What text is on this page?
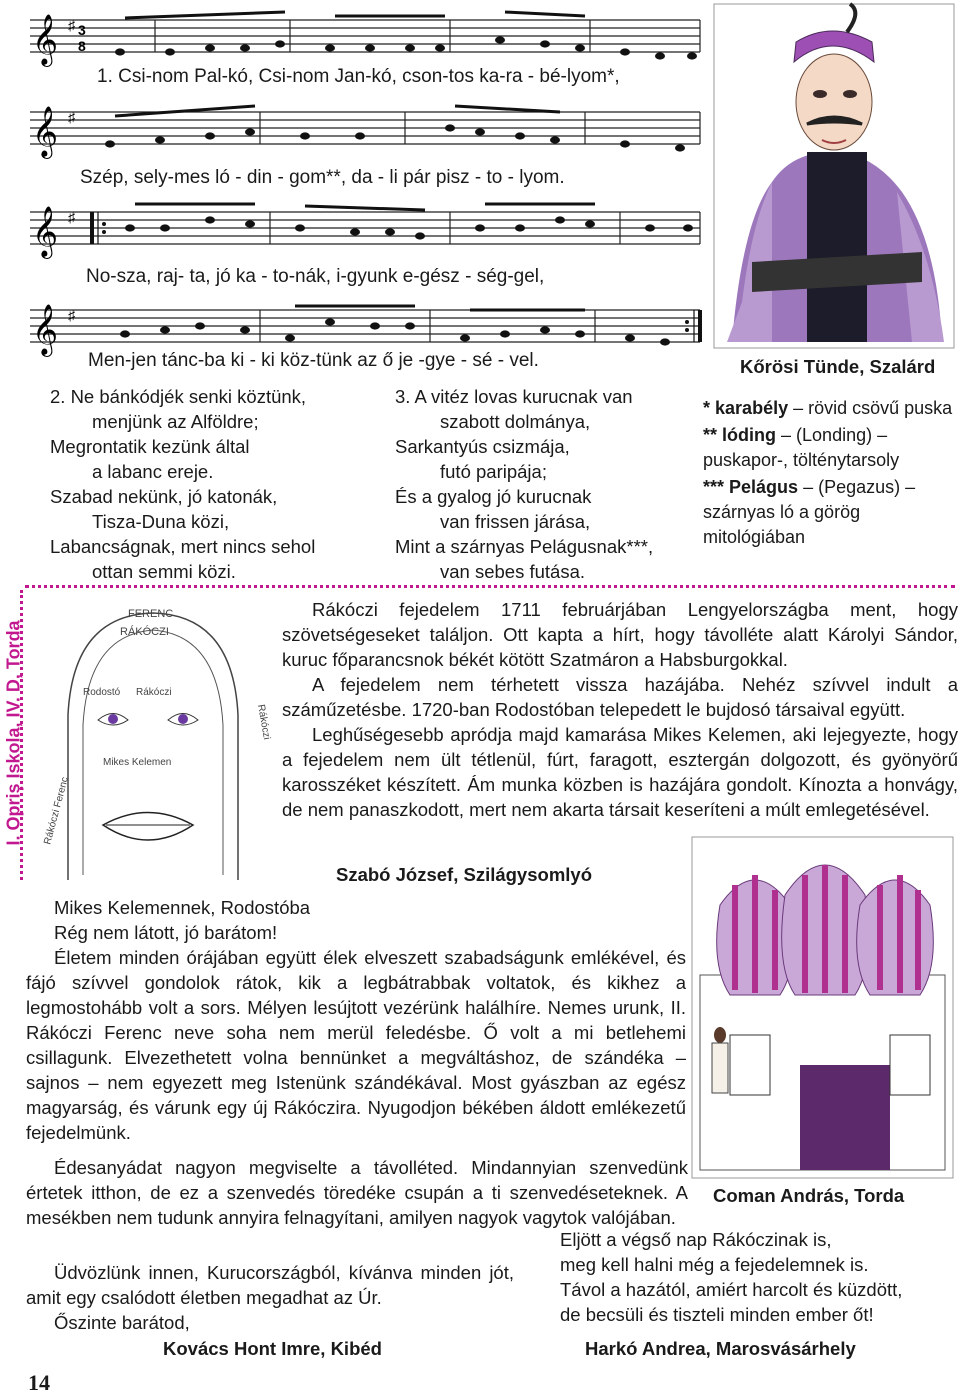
𝄞 ♯ 3
8
1. Csi-nom Pal-kó, Csi-nom Jan-kó, cson-tos ka-ra - bé-lyom*,
𝄞 ♯
Szép, sely-mes ló - din - gom**, da - li pár pisz - to - lyom.
𝄞 ♯
No-sza, raj- ta, jó ka - to-nák, i-gyunk e-gész - ség-gel,
𝄞 ♯
Men-jen tánc-ba ki - ki köz-tünk az ő je -gye - sé - vel.	Kőrösi Tünde, Szalárd
2. Ne bánkódjék senki köztünk,
menjünk az Alföldre;
Megrontatik kezünk által
a labanc ereje.
Szabad nekünk, jó katonák,
Tisza-Duna közi,
Labancságnak, mert nincs sehol
ottan semmi közi.
3. A vitéz lovas kurucnak van
szabott dolmánya,
Sarkantyús csizmája,
futó paripája;
És a gyalog jó kurucnak
van frissen járása,
Mint a szárnyas Pelágusnak***,
van sebes futása.
* karabély – rövid csövű puska
** lóding – (Londing) – puskapor-, tölténytarsoly
*** Pelágus – (Pegazus) – szárnyas ló a görög mitológiában
I. Opriş Iskola, IV. D, Torda
FERENC
RÁKÓCZI
Rodostó Rákóczi
Mikes Kelemen
Rákóczi Ferenc
Rákóczi
Rákóczi fejedelem 1711 februárjában Lengyelországba ment, hogy szövetségeseket találjon. Ott kapta a hírt, hogy távolléte alatt Károlyi Sándor, kuruc főparancsnok békét kötött Szatmáron a Habsburgokkal.
A fejedelem nem térhetett vissza hazájába. Nehéz szívvel indult a száműzetésbe. 1720-ban Rodostóban telepedett le bujdosó társaival együtt.
Leghűségesebb apródja majd kamarása Mikes Kelemen, aki lejegyezte, hogy a fejedelem nem ült tétlenül, fúrt, faragott, esztergán dolgozott, és gyönyörű karosszéket készített. Ám munka közben is hazájára gondolt. Kínozta a honvágy, de nem panaszkodott, mert nem akarta társait keseríteni a múlt emlegetésével.
Szabó József, Szilágysomlyó
Mikes Kelemennek, Rodostóba
Rég nem látott, jó barátom!
Életem minden órájában együtt élek elveszett szabadságunk emlékével, és fájó szívvel gondolok rátok, kik a legbátrabbak voltatok, és kikhez a legmostohább volt a sors. Mélyen lesújtott vezérünk halálhíre. Nemes urunk, II. Rákóczi Ferenc neve soha nem merül feledésbe. Ő volt a mi betlehemi csillagunk. Elvezethetett volna bennünket a megváltáshoz, de szándéka – sajnos – nem egyezett meg Istenünk szándékával. Most gyászban az egész magyarság, és várunk egy új Rákóczira. Nyugodjon békében áldott emlékezetű fejedelmünk.
Édesanyádat nagyon megviselte a távolléted. Mindannyian szenvedünk értetek itthon, de ez a szenvedés töredéke csupán a ti szenvedéseteknek. A mesékben nem tudunk annyira felnagyítani, amilyen nagyok vagytok valójában.
Üdvözlünk innen, Kurucországból, kívánva minden jót, amit egy csalódott életben megadhat az Úr.
Őszinte barátod,
Kovács Hont Imre, Kibéd
Coman András, Torda
Eljött a végső nap Rákóczinak is,
meg kell halni még a fejedelemnek is.
Távol a hazától, amiért harcolt és küzdött,
de becsüli és tiszteli minden ember őt!
Harkó Andrea, Marosvásárhely
14
